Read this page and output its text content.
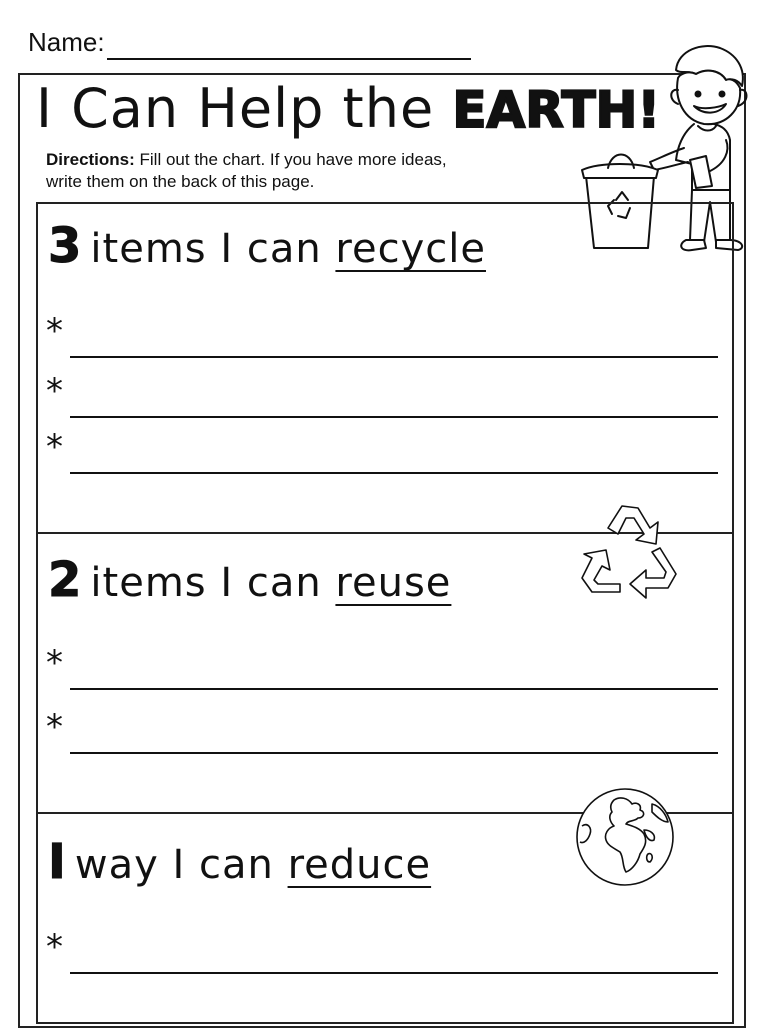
Name:
I Can Help the EARTH!
Directions: Fill out the chart. If you have more ideas,
write them on the back of this page.
3 items I can recycle
*
*
*
2 items I can reuse
*
*
I way I can reduce
*
